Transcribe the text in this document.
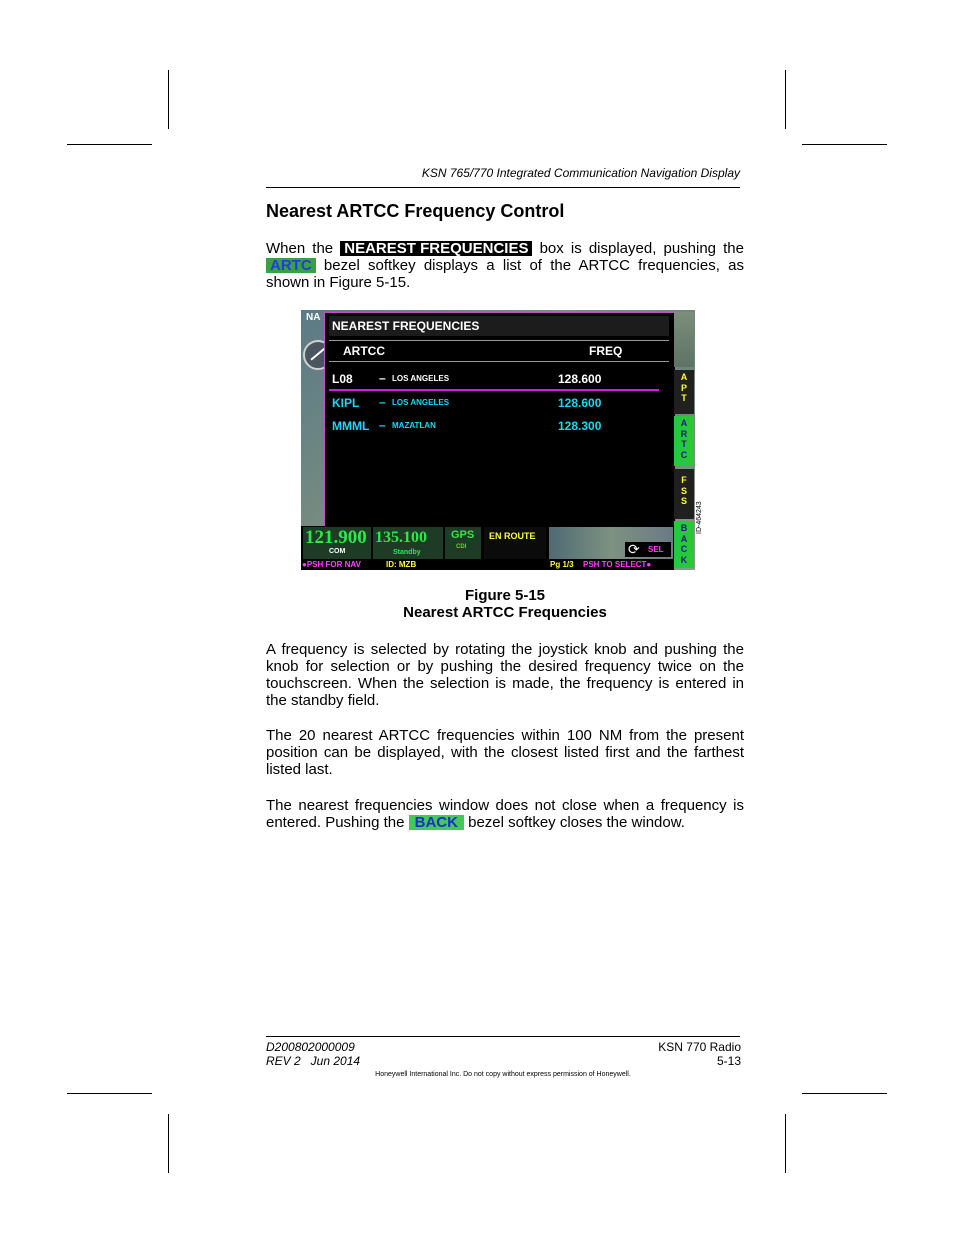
KSN 765/770 Integrated Communication Navigation Display
Nearest ARTCC Frequency Control
When the NEAREST FREQUENCIES box is displayed, pushing the ARTC bezel softkey displays a list of the ARTCC frequencies, as shown in Figure 5-15.
NA
NEAREST FREQUENCIES
ARTCC	FREQ
L08 – LOS ANGELES	128.600
KIPL – LOS ANGELES	128.600
MMML – MAZATLAN	128.300
A
P
T
A
R
T
C
F
S
S
B
A
C
K
121.900
COM
135.100
Standby
GPS
CDI
EN ROUTE
⟳ SEL
●PSH FOR NAV	ID: MZB	Pg 1/3 PSH TO SELECT●
ID-464243
Figure 5-15
Nearest ARTCC Frequencies
A frequency is selected by rotating the joystick knob and pushing the knob for selection or by pushing the desired frequency twice on the touchscreen. When the selection is made, the frequency is entered in the standby field.
The 20 nearest ARTCC frequencies within 100 NM from the present position can be displayed, with the closest listed first and the farthest listed last.
The nearest frequencies window does not close when a frequency is entered. Pushing the BACK bezel softkey closes the window.
D200802000009
REV 2   Jun 2014
KSN 770 Radio
5-13
Honeywell International Inc. Do not copy without express permission of Honeywell.
